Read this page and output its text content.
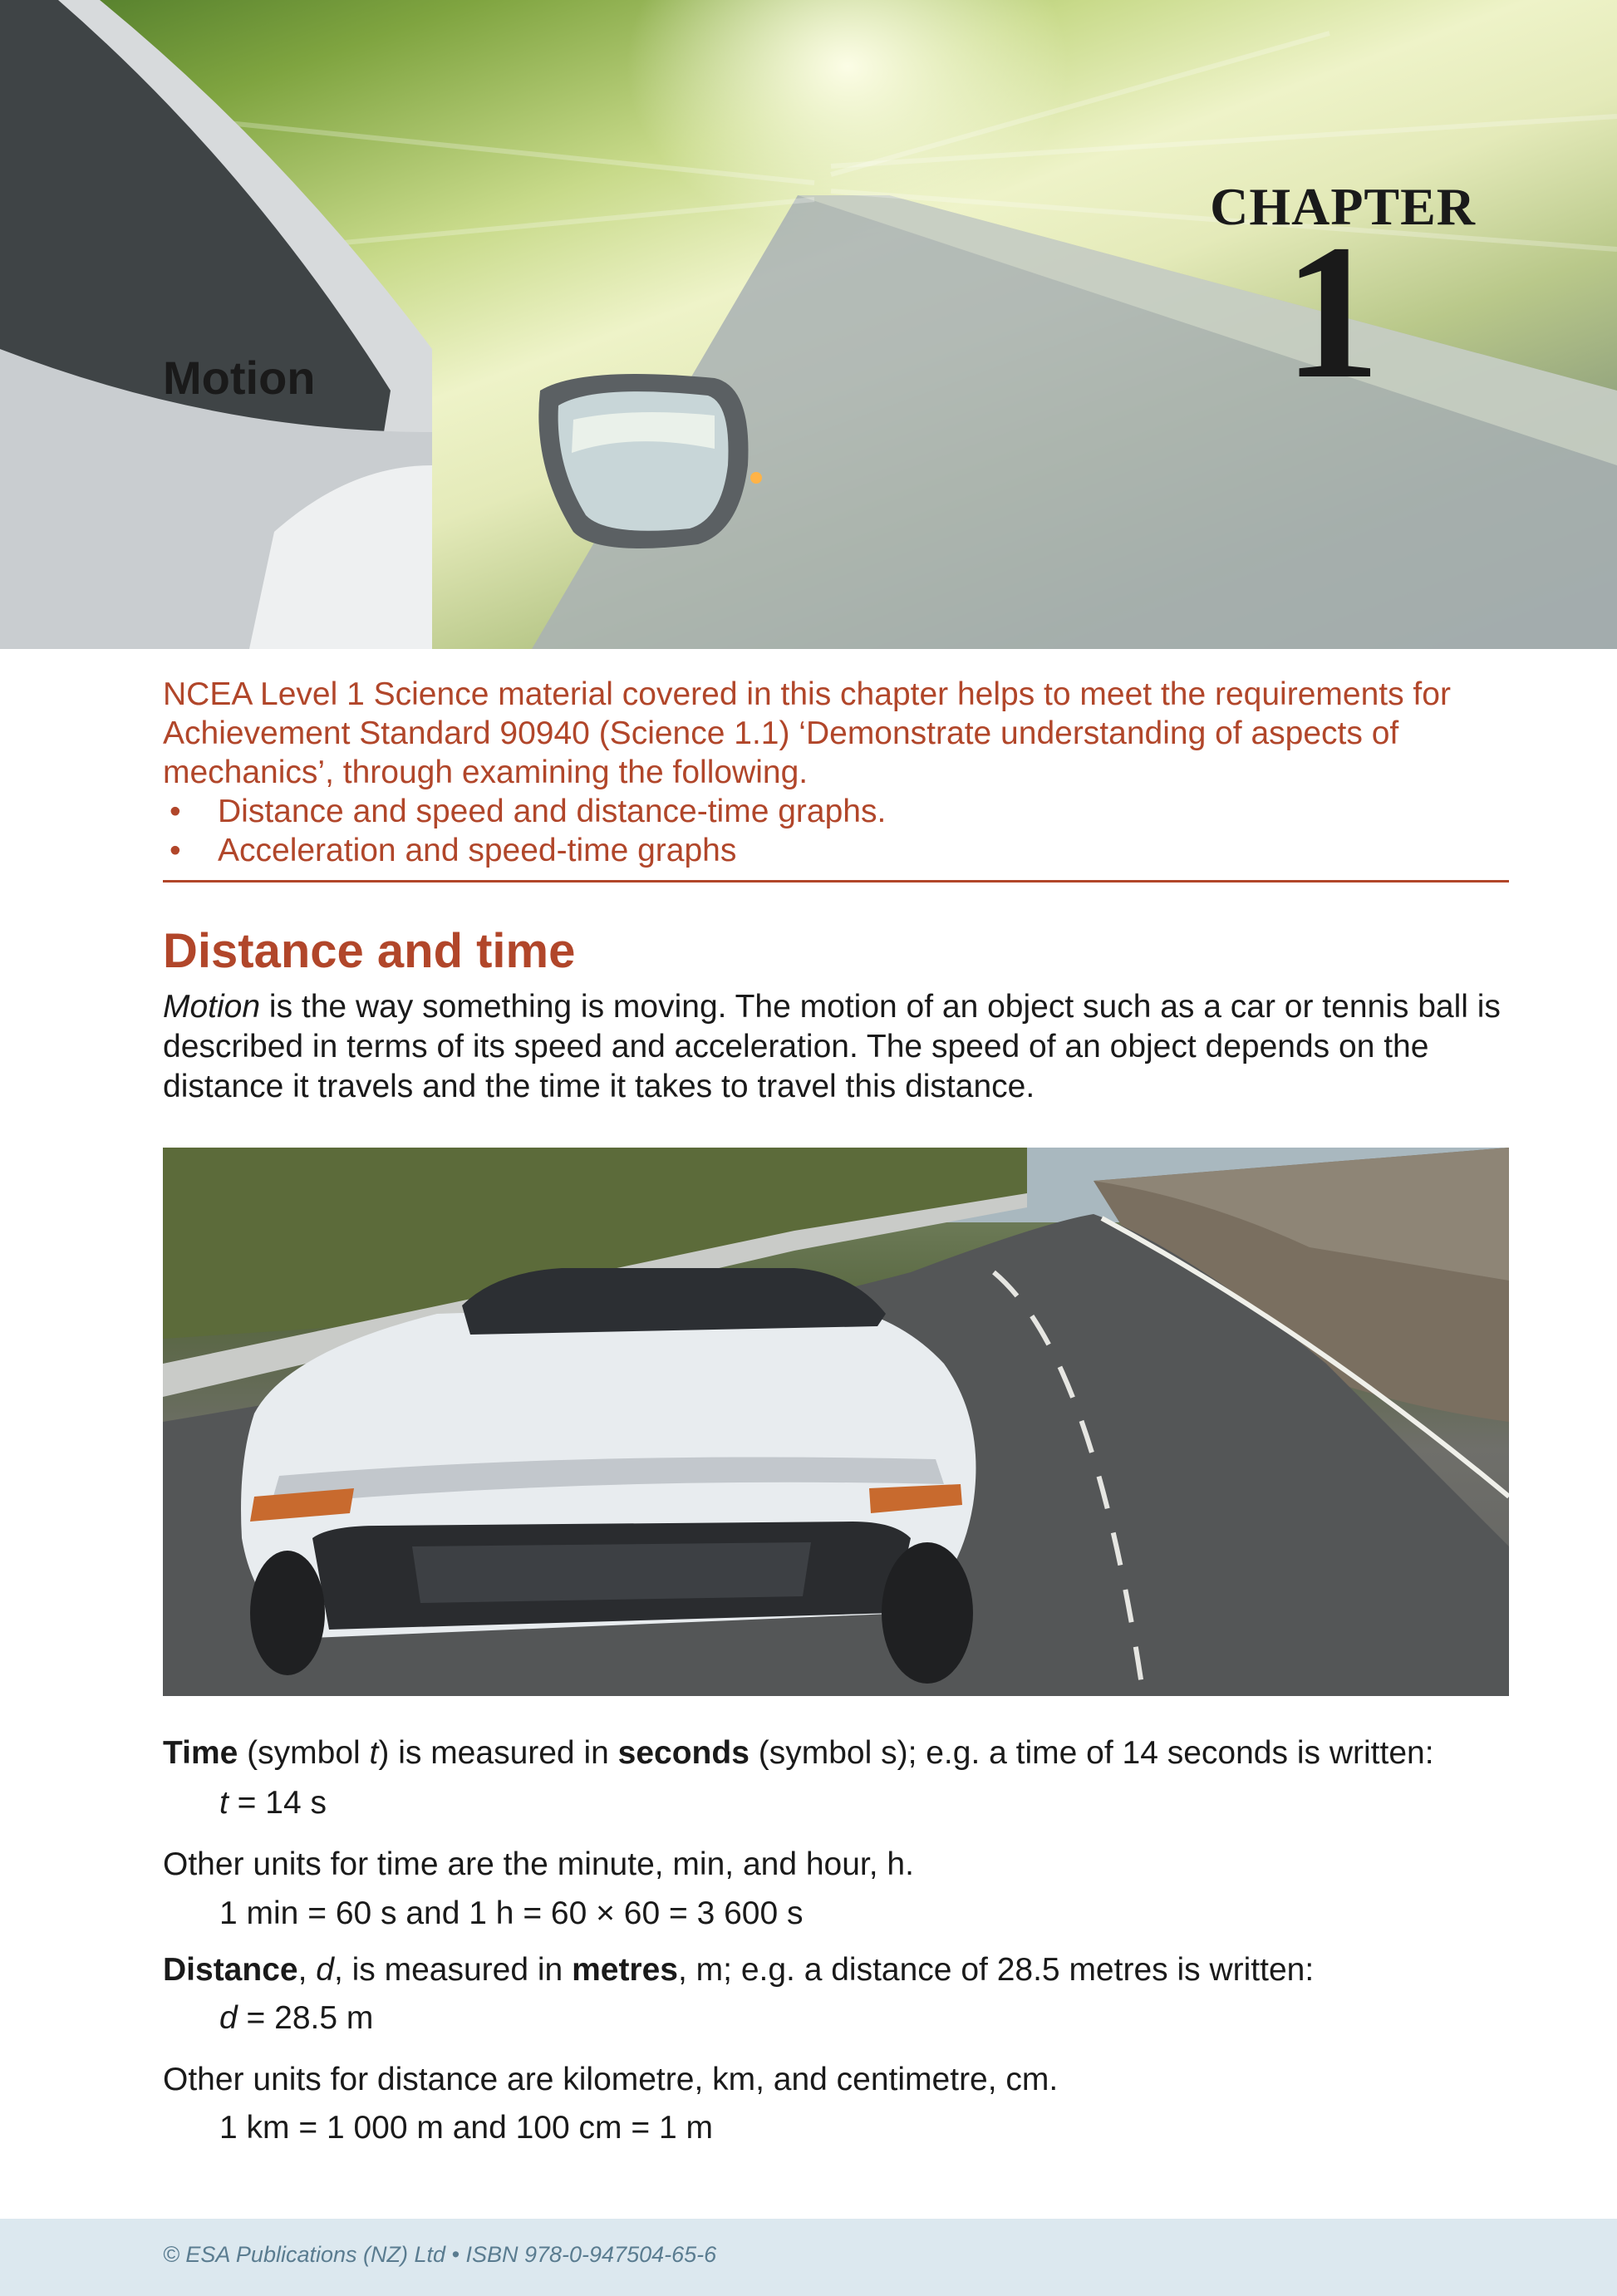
CHAPTER
1
Motion

NCEA Level 1 Science material covered in this chapter helps to meet the requirements for Achievement Standard 90940 (Science 1.1) ‘Demonstrate understanding of aspects of mechanics’, through examining the following.

• Distance and speed and distance-time graphs.
• Acceleration and speed-time graphs
Distance and time

Motion is the way something is moving. The motion of an object such as a car or tennis ball is described in terms of its speed and acceleration. The speed of an object depends on the distance it travels and the time it takes to travel this distance.

Time (symbol t) is measured in seconds (symbol s); e.g. a time of 14 seconds is written:

t = 14 s

Other units for time are the minute, min, and hour, h.

1 min = 60 s and 1 h = 60 × 60 = 3 600 s

Distance, d, is measured in metres, m; e.g. a distance of 28.5 metres is written:

d = 28.5 m

Other units for distance are kilometre, km, and centimetre, cm.

1 km = 1 000 m and 100 cm = 1 m

© ESA Publications (NZ) Ltd • ISBN 978-0-947504-65-6
